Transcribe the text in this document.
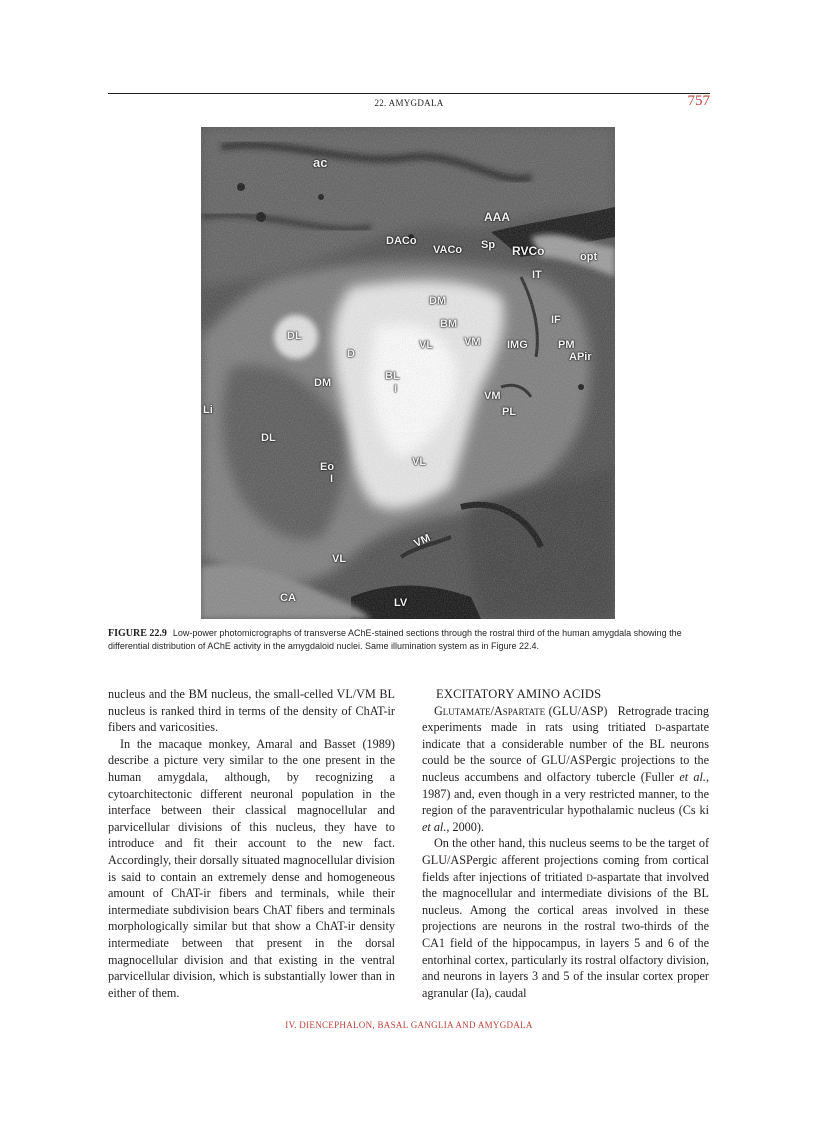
22. AMYGDALA	757
ac
AAA
DACo
VACo Sp RVCo	opt
IT
DM
BM	IF
DL
D
VL	VM IMG	PM
APir
DM
BL
I
VM
PL
Li
DL
Eo
I
VL
VL
VM
CA	LV
FIGURE 22.9 Low-power photomicrographs of transverse AChE-stained sections through the rostral third of the human amygdala showing the differential distribution of AChE activity in the amygdaloid nuclei. Same illumination system as in Figure 22.4.

nucleus and the BM nucleus, the small-celled VL/VM BL nucleus is ranked third in terms of the density of ChAT-ir fibers and varicosities.

In the macaque monkey, Amaral and Basset (1989) describe a picture very similar to the one present in the human amygdala, although, by recognizing a cytoarchitectonic different neuronal population in the interface between their classical magnocellular and parvicellular divisions of this nucleus, they have to introduce and fit their account to the new fact. Accordingly, their dorsally situated magnocellular division is said to contain an extremely dense and homogeneous amount of ChAT-ir fibers and terminals, while their intermediate subdivision bears ChAT fibers and terminals morphologically similar but that show a ChAT-ir density intermediate between that present in the dorsal magnocellular division and that existing in the ventral parvicellular division, which is substantially lower than in either of them.

EXCITATORY AMINO ACIDS

Glutamate/Aspartate (GLU/ASP) Retrograde tracing experiments made in rats using tritiated d-aspartate indicate that a considerable number of the BL neurons could be the source of GLU/ASPergic projections to the nucleus accumbens and olfactory tubercle (Fuller et al., 1987) and, even though in a very restricted manner, to the region of the paraventricular hypothalamic nucleus (Cs ki et al., 2000).

On the other hand, this nucleus seems to be the target of GLU/ASPergic afferent projections coming from cortical fields after injections of tritiated d-aspartate that involved the magnocellular and intermediate divisions of the BL nucleus. Among the cortical areas involved in these projections are neurons in the rostral two-thirds of the CA1 field of the hippocampus, in layers 5 and 6 of the entorhinal cortex, particularly its rostral olfactory division, and neurons in layers 3 and 5 of the insular cortex proper agranular (Ia), caudal

IV. DIENCEPHALON, BASAL GANGLIA AND AMYGDALA
